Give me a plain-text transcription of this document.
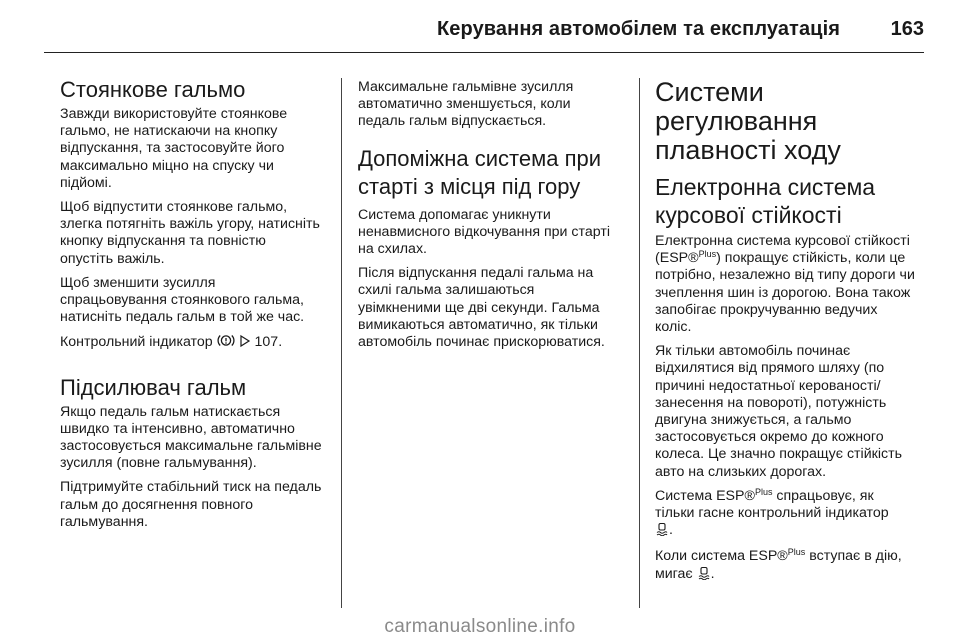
Керування автомобілем та експлуатація	163
Стоянкове гальмо

Завжди використовуйте стоянкове гальмо, не натискаючи на кнопку відпускання, та застосовуйте його максимально міцно на спуску чи підйомі.

Щоб відпустити стоянкове гальмо, злегка потягніть важіль угору, натисніть кнопку відпускання та повністю опустіть важіль.

Щоб зменшити зусилля спрацьовування стоянкового гальма, натисніть педаль гальм в той же час.

Контрольний індикатор	107.

Підсилювач гальм

Якщо педаль гальм натискається швидко та інтенсивно, автоматично застосовується максимальне гальмівне зусилля (повне гальмування).

Підтримуйте стабільний тиск на педаль гальм до досягнення повного гальмування.

Максимальне гальмівне зусилля автоматично зменшується, коли педаль гальм відпускається.

Допоміжна система при старті з місця під гору

Система допомагає уникнути ненавмисного відкочування при старті на схилах.

Після відпускання педалі гальма на схилі гальма залишаються увімкненими ще дві секунди. Гальма вимикаються автоматично, як тільки автомобіль починає прискорюватися.

Системи регулювання плавності ходу
Електронна система курсової стійкості

Електронна система курсової стійкості (ESP®$^{Plus}$) покращує стійкість, коли це потрібно, незалежно від типу дороги чи зчеплення шин із дорогою. Вона також запобігає прокручуванню ведучих коліс.

Як тільки автомобіль починає відхилятися від прямого шляху (по причині недостатньої керованості/ занесення на повороті), потужність двигуна знижується, а гальмо застосовується окремо до кожного колеса. Це значно покращує стійкість авто на слизьких дорогах.

Система ESP®$^{Plus}$ спрацьовує, як тільки гасне контрольний індикатор
.

Коли система ESP®$^{Plus}$ вступає в дію, мигає .

carmanualsonline.info
